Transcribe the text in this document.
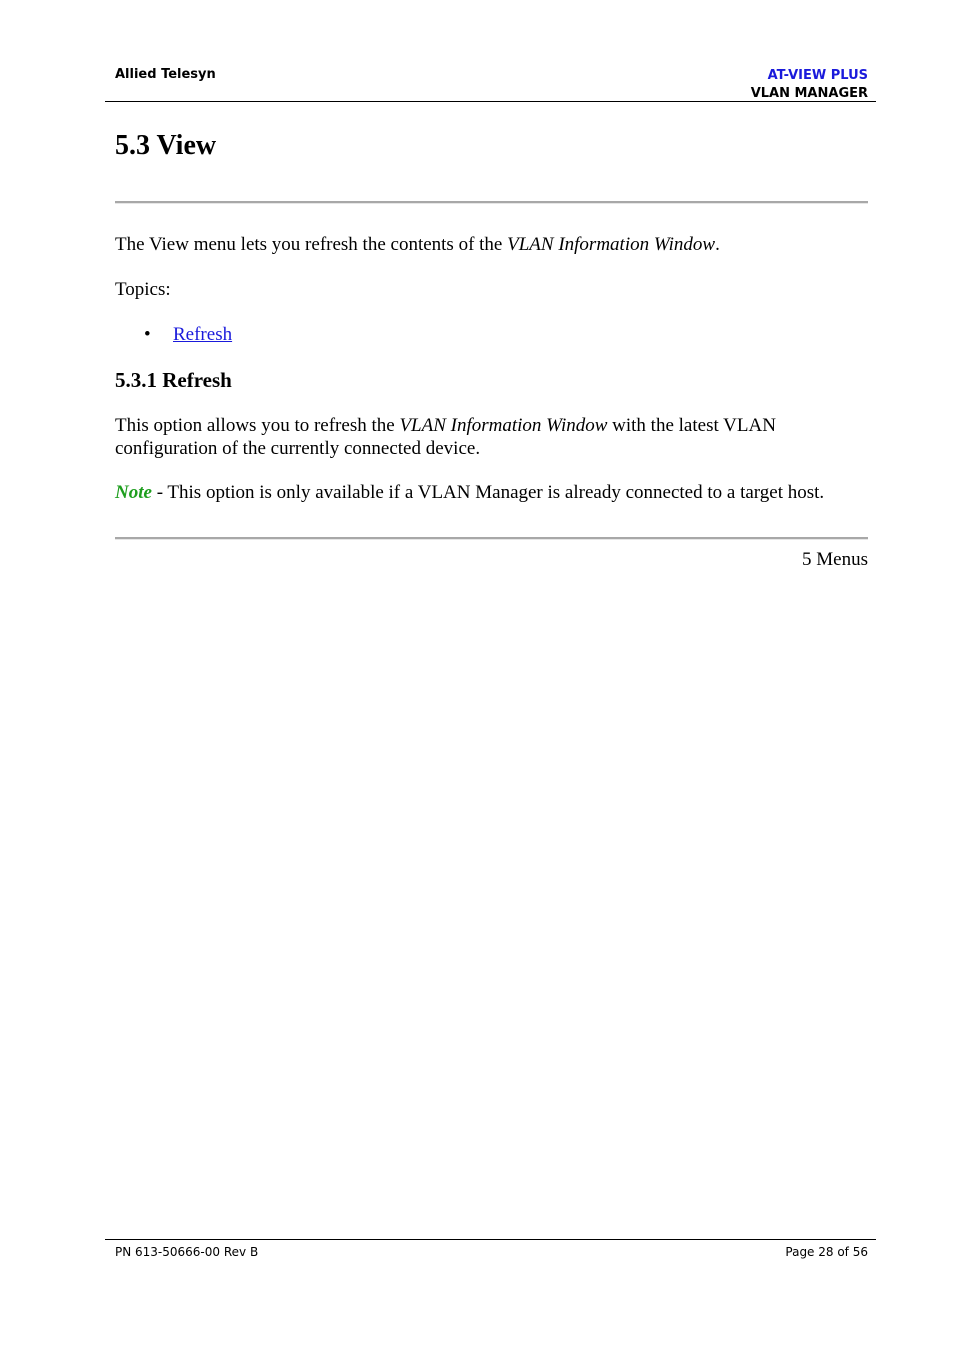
Allied Telesyn	AT-VIEW PLUS
VLAN MANAGER
5.3 View

The View menu lets you refresh the contents of the VLAN Information Window.

Topics:

• Refresh
5.3.1 Refresh

This option allows you to refresh the VLAN Information Window with the latest VLAN configuration of the currently connected device.

Note - This option is only available if a VLAN Manager is already connected to a target host.

5 Menus
PN 613-50666-00 Rev B	Page 28 of 56
